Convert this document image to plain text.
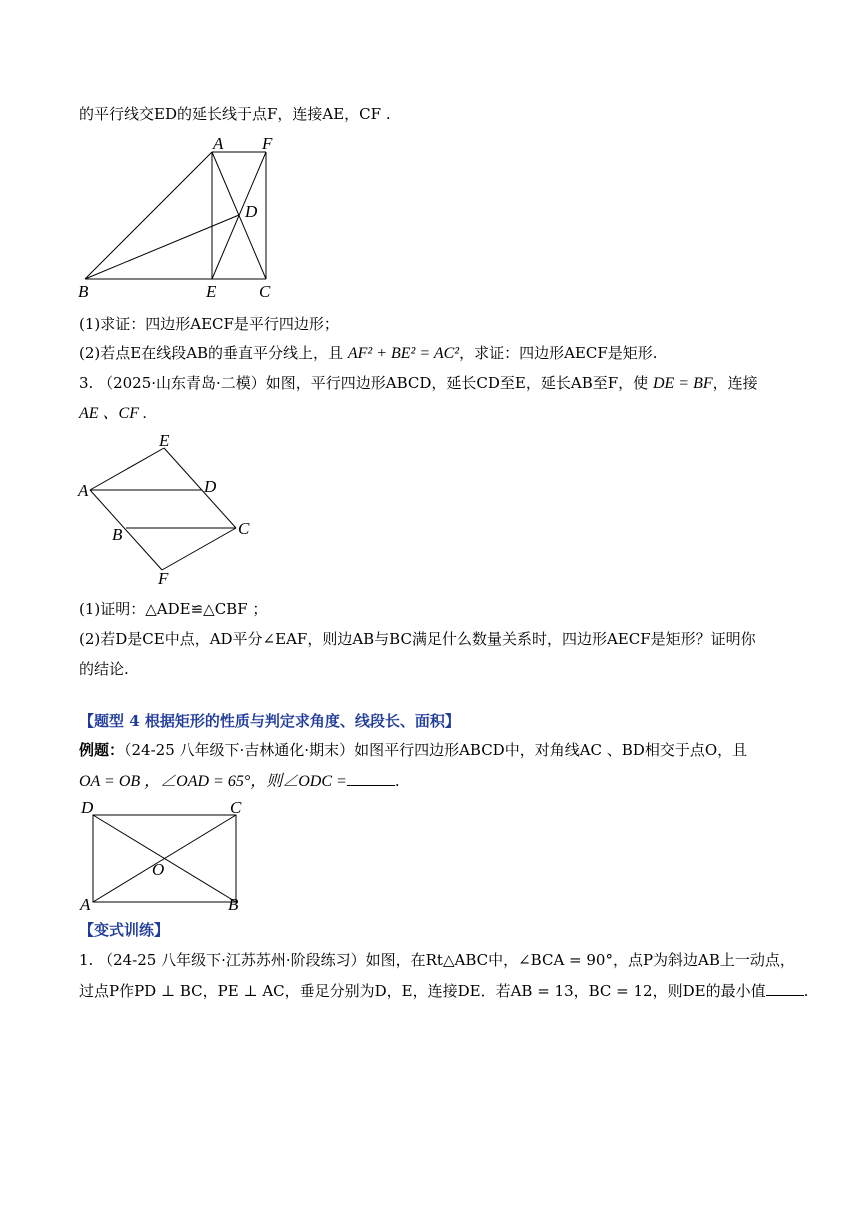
的平行线交ED的延长线于点F，连接AE，CF .
A F
D
B	E	C
(1)求证：四边形AECF是平行四边形；
(2)若点E在线段AB的垂直平分线上，且 AF² + BE² = AC²，求证：四边形AECF是矩形.
3. （2025·山东青岛·二模）如图，平行四边形ABCD，延长CD至E，延长AB至F，使 DE = BF，连接
AE 、CF .
E
A	D
B	C
F
(1)证明：△ADE≌△CBF ；
(2)若D是CE中点，AD平分∠EAF，则边AB与BC满足什么数量关系时，四边形AECF是矩形？证明你
的结论.
【题型 4 根据矩形的性质与判定求角度、线段长、面积】
例题：（24-25 八年级下·吉林通化·期末）如图平行四边形ABCD中，对角线AC 、BD相交于点O，且
OA = OB ，∠OAD = 65°，则∠ODC =	.
D	C
O
A	B
【变式训练】
1. （24-25 八年级下·江苏苏州·阶段练习）如图，在Rt△ABC中，∠BCA = 90°，点P为斜边AB上一动点，
过点P作PD ⊥ BC，PE ⊥ AC，垂足分别为D，E，连接DE．若AB = 13，BC = 12，则DE的最小值	.
